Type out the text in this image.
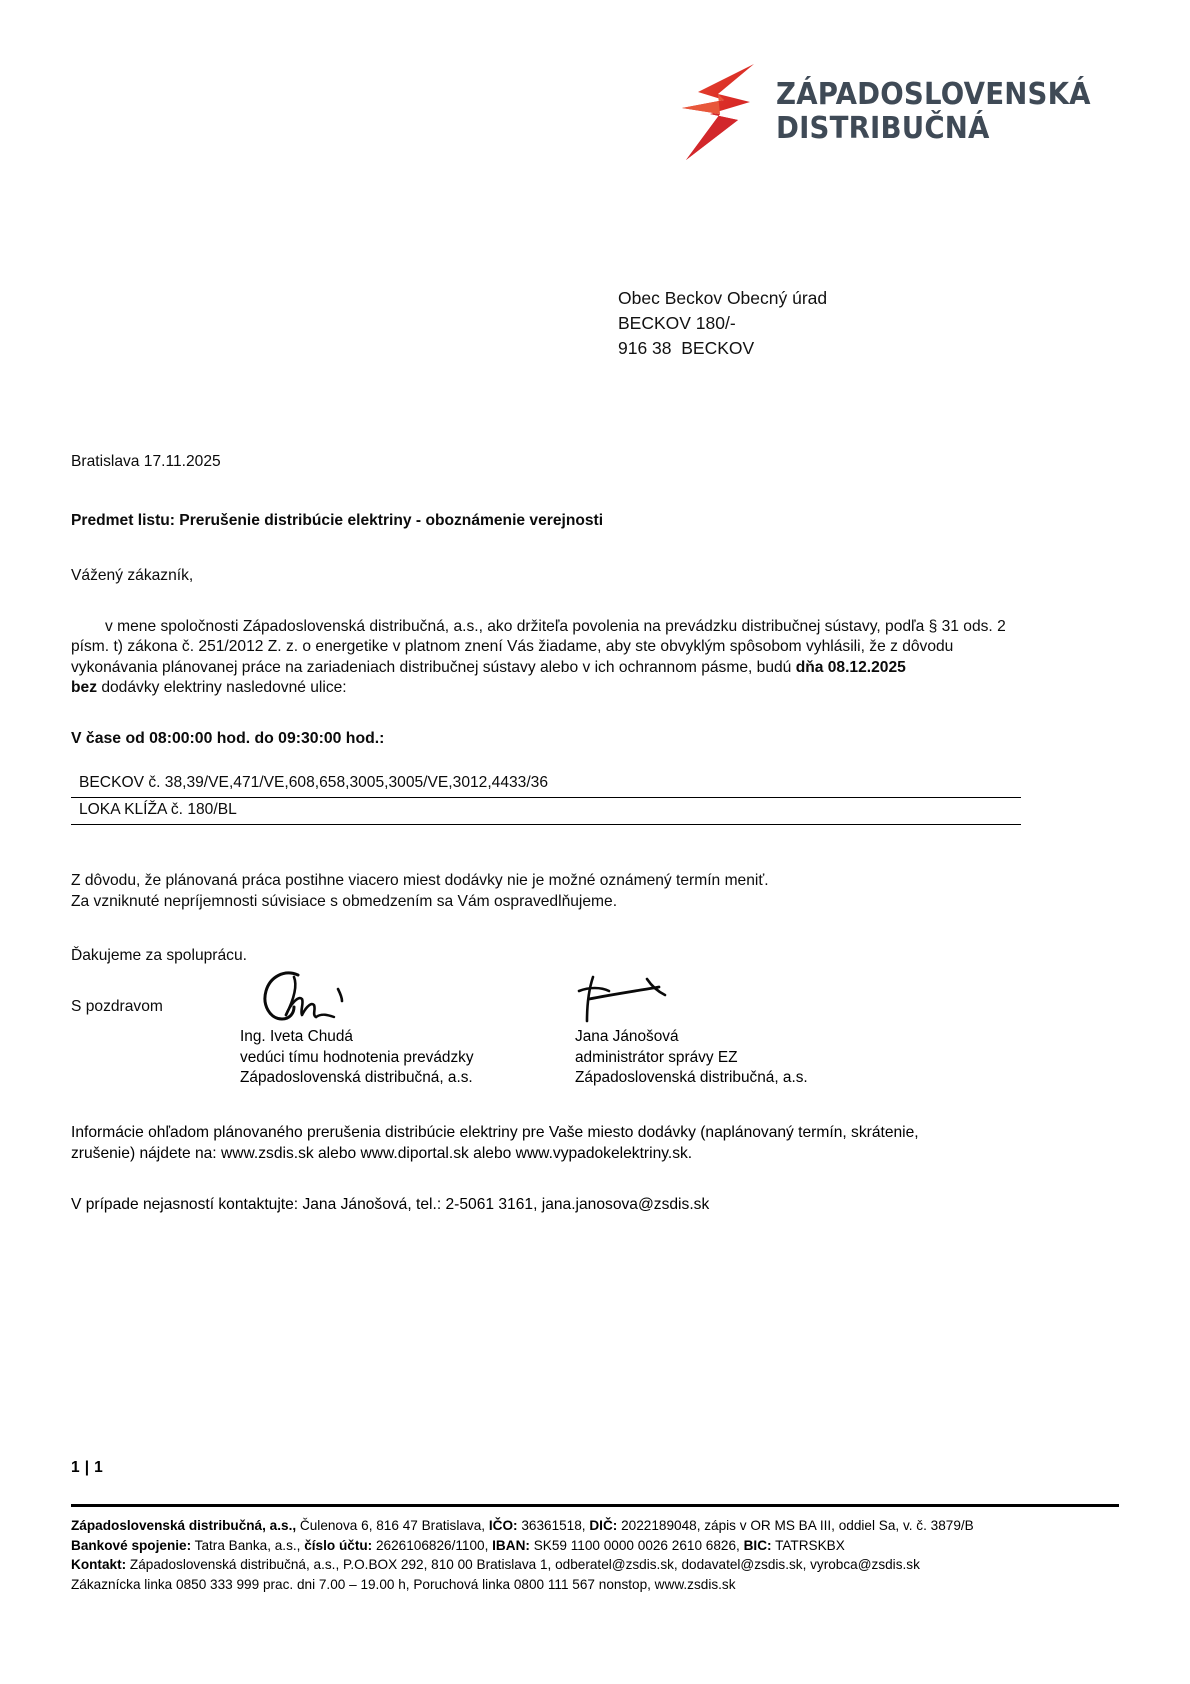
ZÁPADOSLOVENSKÁ
DISTRIBUČNÁ
Obec Beckov Obecný úrad
BECKOV 180/-
916 38  BECKOV

Bratislava 17.11.2025

Predmet listu: Prerušenie distribúcie elektriny - oboznámenie verejnosti

Vážený zákazník,

v mene spoločnosti Západoslovenská distribučná, a.s., ako držiteľa povolenia na prevádzku distribučnej sústavy, podľa § 31 ods. 2 písm. t) zákona č. 251/2012 Z. z. o energetike v platnom znení Vás žiadame, aby ste obvyklým spôsobom vyhlásili, že z dôvodu vykonávania plánovanej práce na zariadeniach distribučnej sústavy alebo v ich ochrannom pásme, budú dňa 08.12.2025
bez dodávky elektriny nasledovné ulice:

V čase od 08:00:00 hod. do 09:30:00 hod.:

BECKOV č. 38,39/VE,471/VE,608,658,3005,3005/VE,3012,4433/36
LOKA KLÍŽA č. 180/BL
Z dôvodu, že plánovaná práca postihne viacero miest dodávky nie je možné oznámený termín meniť.
Za vzniknuté nepríjemnosti súvisiace s obmedzením sa Vám ospravedlňujeme.

Ďakujeme za spoluprácu.

S pozdravom

Ing. Iveta Chudá
vedúci tímu hodnotenia prevádzky
Západoslovenská distribučná, a.s.
Jana Jánošová
administrátor správy EZ
Západoslovenská distribučná, a.s.
Informácie ohľadom plánovaného prerušenia distribúcie elektriny pre Vaše miesto dodávky (naplánovaný termín, skrátenie,
zrušenie) nájdete na: www.zsdis.sk alebo www.diportal.sk alebo www.vypadokelektriny.sk.
V prípade nejasností kontaktujte: Jana Jánošová, tel.: 2-5061 3161, jana.janosova@zsdis.sk
1 | 1
Západoslovenská distribučná, a.s., Čulenova 6, 816 47 Bratislava, IČO: 36361518, DIČ: 2022189048, zápis v OR MS BA III, oddiel Sa, v. č. 3879/B
Bankové spojenie: Tatra Banka, a.s., číslo účtu: 2626106826/1100, IBAN: SK59 1100 0000 0026 2610 6826, BIC: TATRSKBX
Kontakt: Západoslovenská distribučná, a.s., P.O.BOX 292, 810 00 Bratislava 1, odberatel@zsdis.sk, dodavatel@zsdis.sk, vyrobca@zsdis.sk
Zákaznícka linka 0850 333 999 prac. dni 7.00 – 19.00 h, Poruchová linka 0800 111 567 nonstop, www.zsdis.sk
